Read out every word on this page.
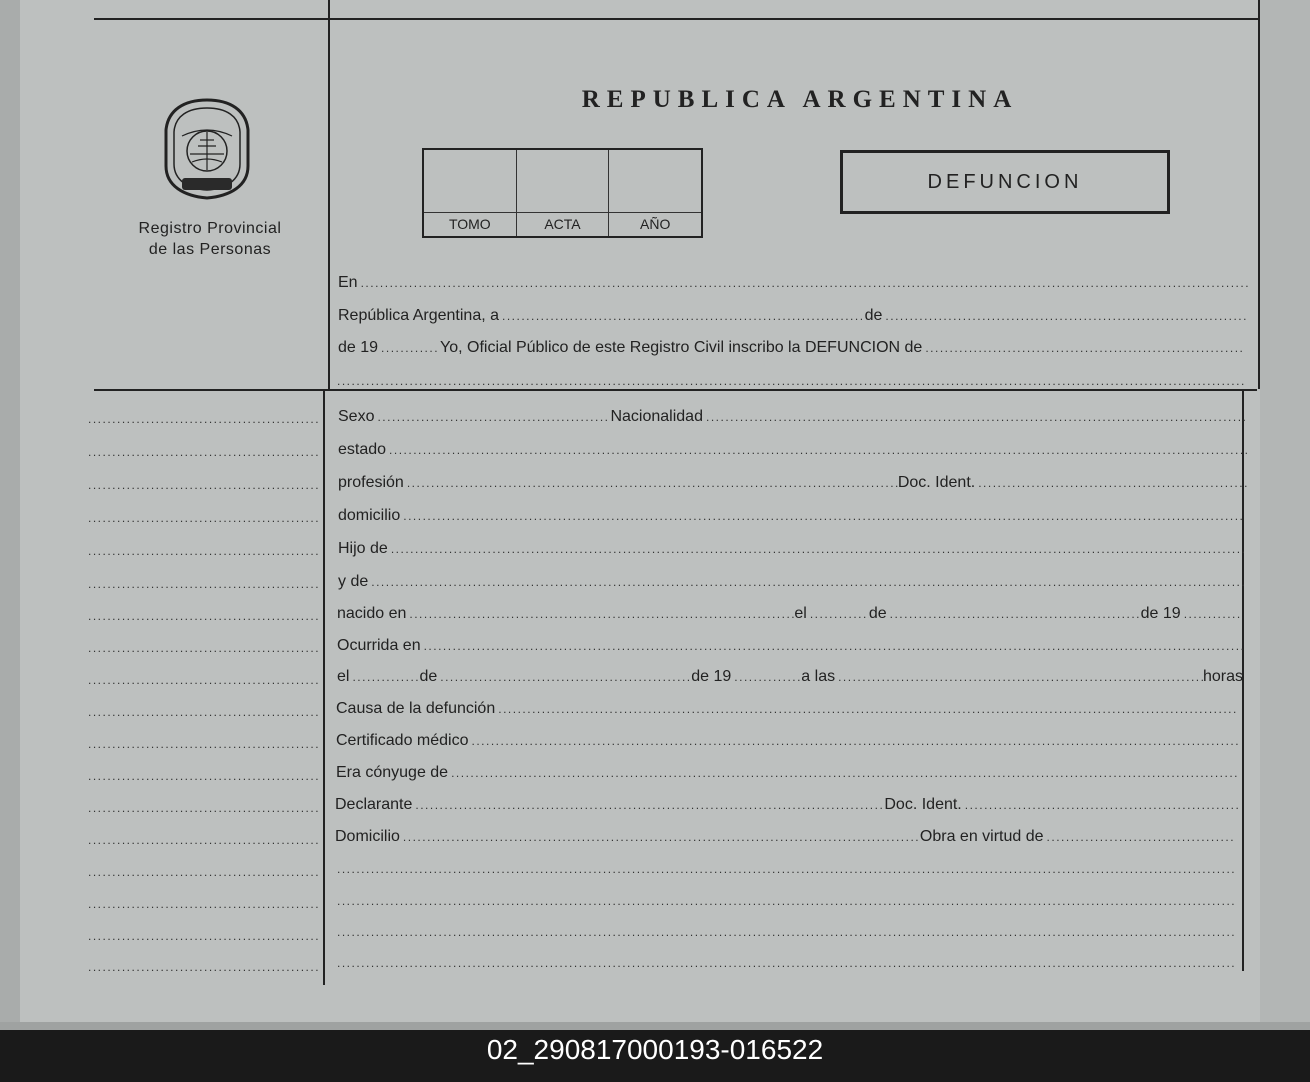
Registro Provincial
de las Personas
REPUBLICA ARGENTINA
TOMO	ACTA	AÑO
DEFUNCION
En
.....
República Argentina, a .....	de
.....
de 19 .....	Yo, Oficial Público de este Registro Civil inscribo la DEFUNCION de
.....
.....
.....
.....
.....
.....
.....
.....
.....
.....
.....
.....
.....
.....
.....
.....
.....
.....
.....
.....
Sexo .....	Nacionalidad
.....
estado
.....
profesión .....	Doc. Ident.
.....
domicilio
.....
Hijo de
.....
y de
.....
nacido en .....	el .....	de .....	de 19
.....
Ocurrida en
.....
el .....	de .....	de 19 .....	a las .....	horas
Causa de la defunción
.....
Certificado médico
.....
Era cónyuge de
.....
Declarante .....	Doc. Ident.
.....
Domicilio .....	Obra en virtud de
.....
.....
.....
.....
.....
02_290817000193-016522
